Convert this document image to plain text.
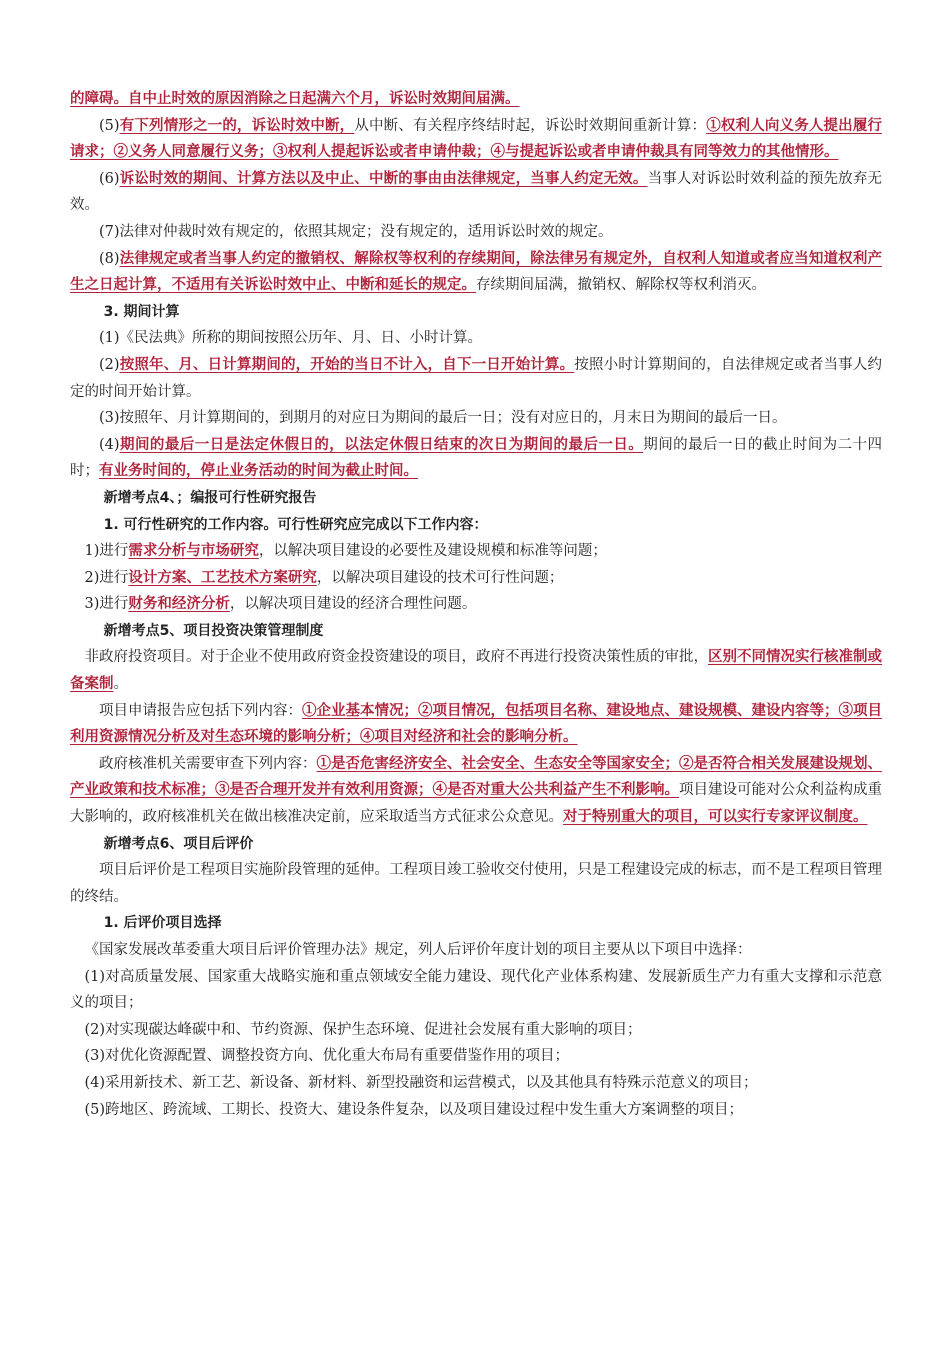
的障碍。自中止时效的原因消除之日起满六个月，诉讼时效期间届满。

(5)有下列情形之一的，诉讼时效中断，从中断、有关程序终结时起，诉讼时效期间重新计算：①权利人向义务人提出履行请求；②义务人同意履行义务；③权利人提起诉讼或者申请仲裁；④与提起诉讼或者申请仲裁具有同等效力的其他情形。

(6)诉讼时效的期间、计算方法以及中止、中断的事由由法律规定，当事人约定无效。当事人对诉讼时效利益的预先放弃无效。

(7)法律对仲裁时效有规定的，依照其规定；没有规定的，适用诉讼时效的规定。

(8)法律规定或者当事人约定的撤销权、解除权等权利的存续期间，除法律另有规定外，自权利人知道或者应当知道权利产生之日起计算，不适用有关诉讼时效中止、中断和延长的规定。存续期间届满，撤销权、解除权等权利消灭。

3. 期间计算

(1)《民法典》所称的期间按照公历年、月、日、小时计算。

(2)按照年、月、日计算期间的，开始的当日不计入，自下一日开始计算。按照小时计算期间的，自法律规定或者当事人约定的时间开始计算。

(3)按照年、月计算期间的，到期月的对应日为期间的最后一日；没有对应日的，月末日为期间的最后一日。

(4)期间的最后一日是法定休假日的，以法定休假日结束的次日为期间的最后一日。期间的最后一日的截止时间为二十四时；有业务时间的，停止业务活动的时间为截止时间。

新增考点4、；编报可行性研究报告

1. 可行性研究的工作内容。可行性研究应完成以下工作内容：

1)进行需求分析与市场研究，以解决项目建设的必要性及建设规模和标准等问题；

2)进行设计方案、工艺技术方案研究，以解决项目建设的技术可行性问题；

3)进行财务和经济分析，以解决项目建设的经济合理性问题。

新增考点5、项目投资决策管理制度

非政府投资项目。对于企业不使用政府资金投资建设的项目，政府不再进行投资决策性质的审批，区别不同情况实行核准制或备案制。

项目申请报告应包括下列内容：①企业基本情况；②项目情况，包括项目名称、建设地点、建设规模、建设内容等；③项目利用资源情况分析及对生态环境的影响分析；④项目对经济和社会的影响分析。

政府核准机关需要审查下列内容：①是否危害经济安全、社会安全、生态安全等国家安全；②是否符合相关发展建设规划、产业政策和技术标准；③是否合理开发并有效利用资源；④是否对重大公共利益产生不利影响。项目建设可能对公众利益构成重大影响的，政府核准机关在做出核准决定前，应采取适当方式征求公众意见。对于特别重大的项目，可以实行专家评议制度。

新增考点6、项目后评价

项目后评价是工程项目实施阶段管理的延伸。工程项目竣工验收交付使用，只是工程建设完成的标志，而不是工程项目管理的终结。

1. 后评价项目选择

《国家发展改革委重大项目后评价管理办法》规定，列人后评价年度计划的项目主要从以下项目中选择：

(1)对高质量发展、国家重大战略实施和重点领域安全能力建设、现代化产业体系构建、发展新质生产力有重大支撑和示范意义的项目；

(2)对实现碳达峰碳中和、节约资源、保护生态环境、促进社会发展有重大影响的项目；

(3)对优化资源配置、调整投资方向、优化重大布局有重要借鉴作用的项目；

(4)采用新技术、新工艺、新设备、新材料、新型投融资和运营模式，以及其他具有特殊示范意义的项目；

(5)跨地区、跨流域、工期长、投资大、建设条件复杂，以及项目建设过程中发生重大方案调整的项目；
